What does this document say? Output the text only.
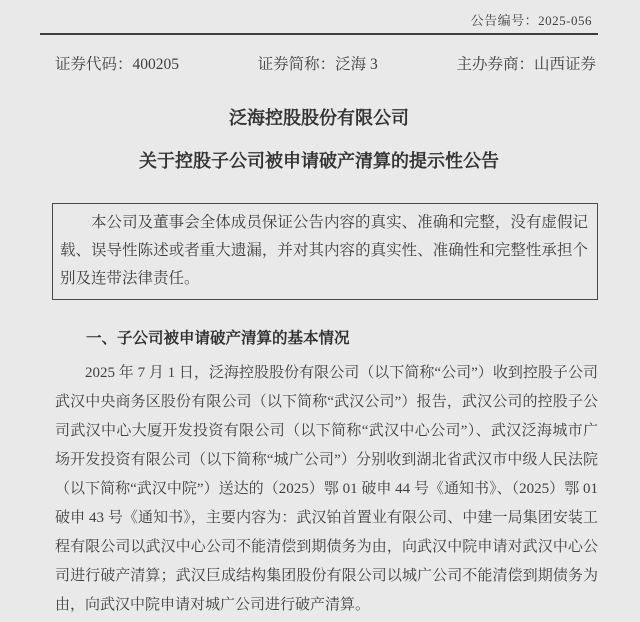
公告编号：2025-056
证券代码：400205	证券简称：泛海 3	主办券商：山西证券
泛海控股股份有限公司
关于控股子公司被申请破产清算的提示性公告

本公司及董事会全体成员保证公告内容的真实、准确和完整，没有虚假记载、误导性陈述或者重大遗漏，并对其内容的真实性、准确性和完整性承担个别及连带法律责任。

一、子公司被申请破产清算的基本情况

2025 年 7 月 1 日，泛海控股股份有限公司（以下简称“公司”）收到控股子公司武汉中央商务区股份有限公司（以下简称“武汉公司”）报告，武汉公司的控股子公司武汉中心大厦开发投资有限公司（以下简称“武汉中心公司”）、武汉泛海城市广场开发投资有限公司（以下简称“城广公司”）分别收到湖北省武汉市中级人民法院（以下简称“武汉中院”）送达的（2025）鄂 01 破申 44 号《通知书》、（2025）鄂 01 破申 43 号《通知书》，主要内容为：武汉铂首置业有限公司、中建一局集团安装工程有限公司以武汉中心公司不能清偿到期债务为由，向武汉中院申请对武汉中心公司进行破产清算；武汉巨成结构集团股份有限公司以城广公司不能清偿到期债务为由，向武汉中院申请对城广公司进行破产清算。
